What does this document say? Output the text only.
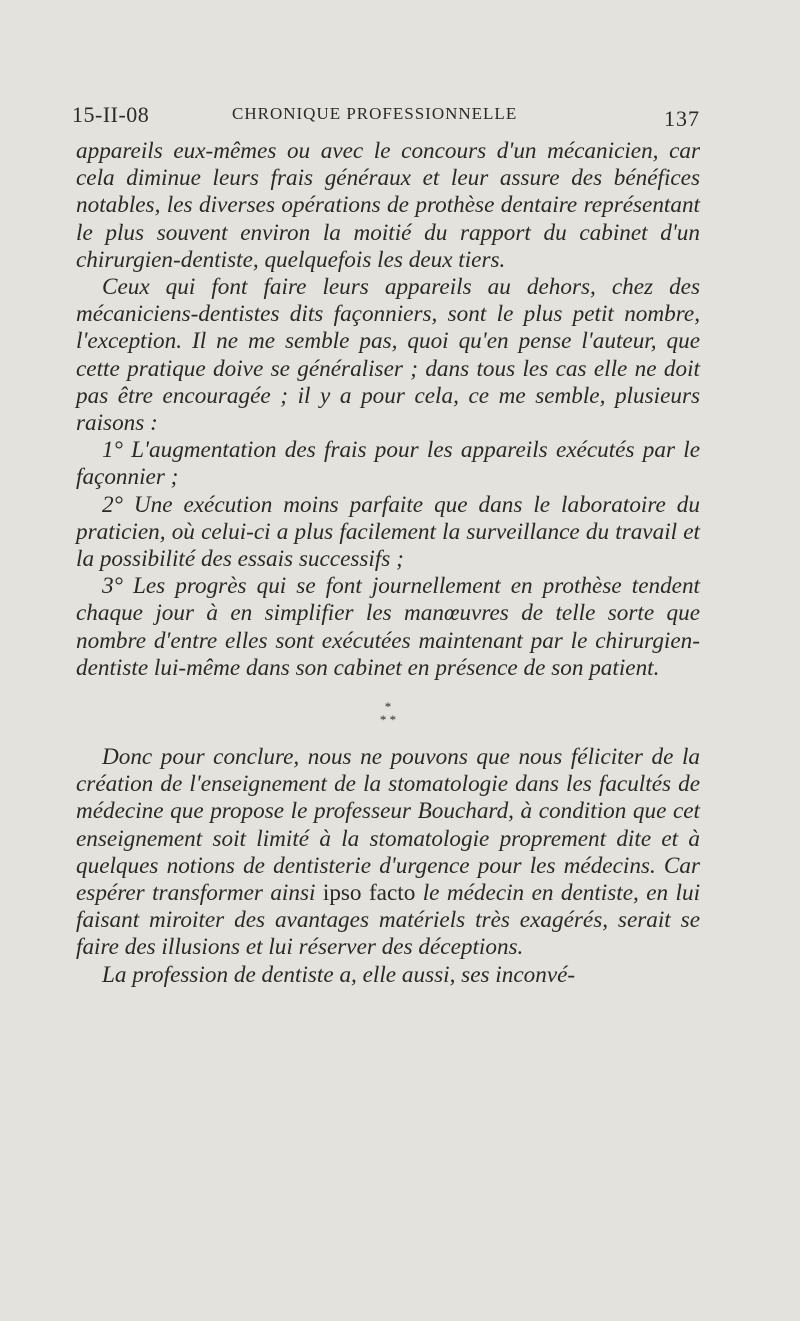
15-II-08	CHRONIQUE PROFESSIONNELLE	137

appareils eux-mêmes ou avec le concours d'un mécanicien, car cela diminue leurs frais généraux et leur assure des bénéfices notables, les diverses opérations de prothèse dentaire représentant le plus souvent environ la moitié du rapport du cabinet d'un chirurgien-dentiste, quelquefois les deux tiers.

Ceux qui font faire leurs appareils au dehors, chez des mécaniciens-dentistes dits façonniers, sont le plus petit nombre, l'exception. Il ne me semble pas, quoi qu'en pense l'auteur, que cette pratique doive se généraliser ; dans tous les cas elle ne doit pas être encouragée ; il y a pour cela, ce me semble, plusieurs raisons :

1° L'augmentation des frais pour les appareils exécutés par le façonnier ;

2° Une exécution moins parfaite que dans le laboratoire du praticien, où celui-ci a plus facilement la surveillance du travail et la possibilité des essais successifs ;

3° Les progrès qui se font journellement en prothèse tendent chaque jour à en simplifier les manœuvres de telle sorte que nombre d'entre elles sont exécutées maintenant par le chirurgien-dentiste lui-même dans son cabinet en présence de son patient.

*
* *

Donc pour conclure, nous ne pouvons que nous féliciter de la création de l'enseignement de la stomatologie dans les facultés de médecine que propose le professeur Bouchard, à condition que cet enseignement soit limité à la stomatologie proprement dite et à quelques notions de dentisterie d'urgence pour les médecins. Car espérer transformer ainsi ipso facto le médecin en dentiste, en lui faisant miroiter des avantages matériels très exagérés, serait se faire des illusions et lui réserver des déceptions.

La profession de dentiste a, elle aussi, ses inconvé-
